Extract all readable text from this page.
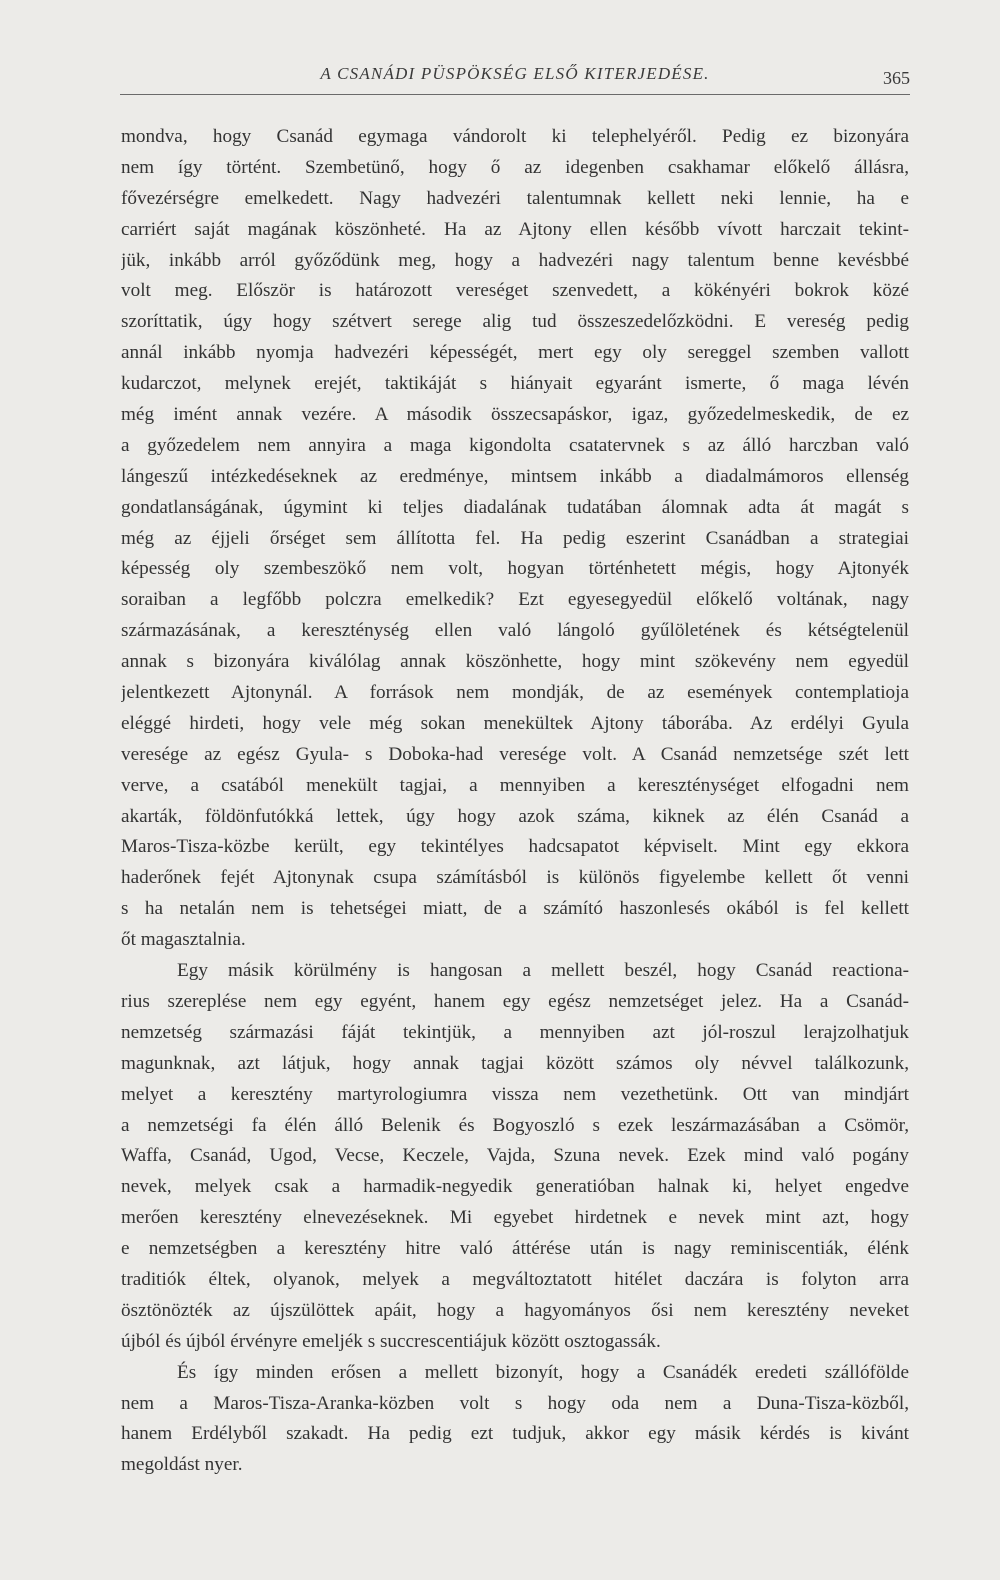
A CSANÁDI PÜSPÖKSÉG ELSŐ KITERJEDÉSE.	365
mondva, hogy Csanád egymaga vándorolt ki telephelyéről. Pedig ez bizonyára
nem így történt. Szembetünő, hogy ő az idegenben csakhamar előkelő állásra,
fővezérségre emelkedett. Nagy hadvezéri talentumnak kellett neki lennie, ha e
carriért saját magának köszönheté. Ha az Ajtony ellen később vívott harczait tekint-
jük, inkább arról győződünk meg, hogy a hadvezéri nagy talentum benne kevésbbé
volt meg. Először is határozott vereséget szenvedett, a kökényéri bokrok közé
szoríttatik, úgy hogy szétvert serege alig tud összeszedelőzködni. E vereség pedig
annál inkább nyomja hadvezéri képességét, mert egy oly sereggel szemben vallott
kudarczot, melynek erejét, taktikáját s hiányait egyaránt ismerte, ő maga lévén
még imént annak vezére. A második összecsapáskor, igaz, győzedelmeskedik, de ez
a győzedelem nem annyira a maga kigondolta csatatervnek s az álló harczban való
lángeszű intézkedéseknek az eredménye, mintsem inkább a diadalmámoros ellenség
gondatlanságának, úgymint ki teljes diadalának tudatában álomnak adta át magát s
még az éjjeli őrséget sem állította fel. Ha pedig eszerint Csanádban a strategiai
képesség oly szembeszökő nem volt, hogyan történhetett mégis, hogy Ajtonyék
soraiban a legfőbb polczra emelkedik? Ezt egyesegyedül előkelő voltának, nagy
származásának, a kereszténység ellen való lángoló gyűlöletének és kétségtelenül
annak s bizonyára kiválólag annak köszönhette, hogy mint szökevény nem egyedül
jelentkezett Ajtonynál. A források nem mondják, de az események contemplatioja
eléggé hirdeti, hogy vele még sokan menekültek Ajtony táborába. Az erdélyi Gyula
veresége az egész Gyula- s Doboka-had veresége volt. A Csanád nemzetsége szét lett
verve, a csatából menekült tagjai, a mennyiben a kereszténységet elfogadni nem
akarták, földönfutókká lettek, úgy hogy azok száma, kiknek az élén Csanád a
Maros-Tisza-közbe került, egy tekintélyes hadcsapatot képviselt. Mint egy ekkora
haderőnek fejét Ajtonynak csupa számításból is különös figyelembe kellett őt venni
s ha netalán nem is tehetségei miatt, de a számító haszonlesés okából is fel kellett
őt magasztalnia.
Egy másik körülmény is hangosan a mellett beszél, hogy Csanád reactiona-
rius szereplése nem egy egyént, hanem egy egész nemzetséget jelez. Ha a Csanád-
nemzetség származási fáját tekintjük, a mennyiben azt jól-roszul lerajzolhatjuk
magunknak, azt látjuk, hogy annak tagjai között számos oly névvel találkozunk,
melyet a keresztény martyrologiumra vissza nem vezethetünk. Ott van mindjárt
a nemzetségi fa élén álló Belenik és Bogyoszló s ezek leszármazásában a Csömör,
Waffa, Csanád, Ugod, Vecse, Keczele, Vajda, Szuna nevek. Ezek mind való pogány
nevek, melyek csak a harmadik-negyedik generatióban halnak ki, helyet engedve
merően keresztény elnevezéseknek. Mi egyebet hirdetnek e nevek mint azt, hogy
e nemzetségben a keresztény hitre való áttérése után is nagy reminiscentiák, élénk
traditiók éltek, olyanok, melyek a megváltoztatott hitélet daczára is folyton arra
ösztönözték az újszülöttek apáit, hogy a hagyományos ősi nem keresztény neveket
újból és újból érvényre emeljék s succrescentiájuk között osztogassák.
És így minden erősen a mellett bizonyít, hogy a Csanádék eredeti szállófölde
nem a Maros-Tisza-Aranka-közben volt s hogy oda nem a Duna-Tisza-közből,
hanem Erdélyből szakadt. Ha pedig ezt tudjuk, akkor egy másik kérdés is kivánt
megoldást nyer.
